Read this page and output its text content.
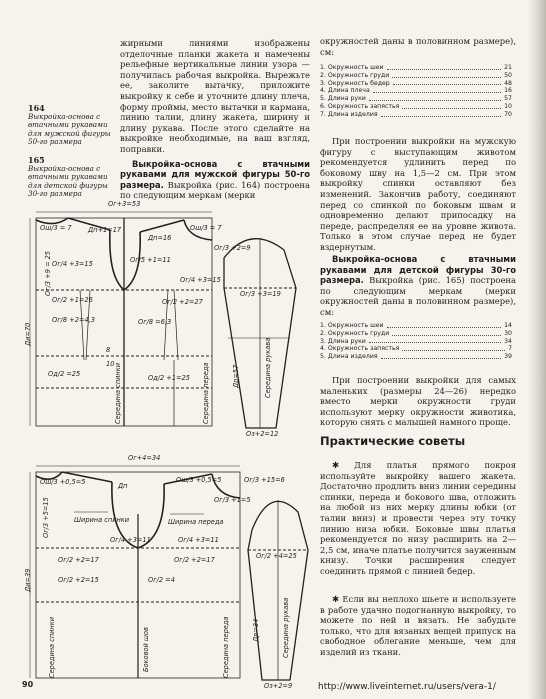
164
Выкройка-основа с втачными рукавами для мужской фигуры 50-го размера
165
Выкройка-основа с втачными рукавами для детской фигуры 30-го размера

жирными линиями изображены отделочные планки жакета и намечены рельефные вертикальные линии узора — получилась рабочая выкройка. Вырежьте ее, заколите вытачку, приложите выкройку к себе и уточните длину плеча, форму проймы, место вытачки и кармана, линию талии, длину жакета, ширину и длину рукава. После этого сделайте на выкройке необходимые, на ваш взгляд, поправки.

Выкройка-основа с втачными рукавами для мужской фигуры 50-го размера. Выкройка (рис. 164) построена по следующим меркам (мерки

окружностей даны в половинном размере), см:
1. Окружность шеи	21
2. Окружность груди	50
3. Окружность бедер	48
4. Длина плеча	16
5. Длина руки	57
6. Окружность запястья	10
7. Длина изделия	70

При построении выкройки на мужскую фигуру с выступающим животом рекомендуется удлинить перед по боковому шву на 1,5—2 см. При этом выкройку спинки оставляют без изменений. Закончив работу, соединяют перед со спинкой по боковым швам и одновременно делают припосадку на переде, распределяя ее на уровне живота. Только в этом случае перед не будет вздернутым.

Выкройка-основа с втачными рукавами для детской фигуры 30-го размера. Выкройка (рис. 165) построена по следующим меркам (мерки окружностей даны в половинном размере), см:

1. Окружность шеи	14
2. Окружность груди	30
3. Длина руки	34
4. Окружность запястья	7
5. Длина изделия	39

При построении выкройки для самых маленьких (размеры 24—26) нередко вместо мерки окружности груди используют мерку окружности животика, которую снять с малышей намного проще.

Практические советы

✱ Для платья прямого покроя используйте выкройку вашего жакета. Достаточно продлить вниз линии середины спинки, переда и бокового шва, отложить на любой из них мерку длины юбки (от талии вниз) и провести через эту точку линию низа юбки. Боковые швы платья рекомендуется по низу расширить на 2—2,5 см, иначе платье получится зауженным книзу. Точки расширения следует соединить прямой с линией бедер.

✱ Если вы неплохо шьете и используете в работе удачно подогнанную выкройку, то можете по ней и вязать. Не забудьте только, что для вязаных вещей припуск на свободное облегание меньше, чем для изделий из ткани.

Ог+3=53
Ош/3 = 7 Дп+1=17
Дп=16
Ош/3 = 7
Ог/3 +2=9
Ог/5 +1=11
Ог/4 +3=15
Ог/4 +3=15
Ог/2 +1=26	Ог/2 +2=27
Ог/8 +2=4,3	Ог/8 =6,3
8
10
Од/2 =25	Од/2 +1=25
Ог/3 +3=19
Оз+2=12
Ди=70
Ог/3 +9 = 25
Середина спинки	Середина переда	Др=57	Середина рукава
Ог+4=34
Ош/3 +0,5=5	Ош/3 +0,5=5
Дп
Ог/3 +15=6
Ог/3 +1=5
Ширина спинки	Ширина переда
Ог/4 +3=11	Ог/4 +3=11
Ог/2 +2=17	Ог/2 +2=17
Ог/2 +2=15	Ог/2 =4
Ог/2 +4=25
Оз+2=9
Ди=39
Ог/3 +5=15
Середина спинки	Середина переда
Боковой шов	Др=34	Середина рукава
90	http://www.liveinternet.ru/users/vera-1/
